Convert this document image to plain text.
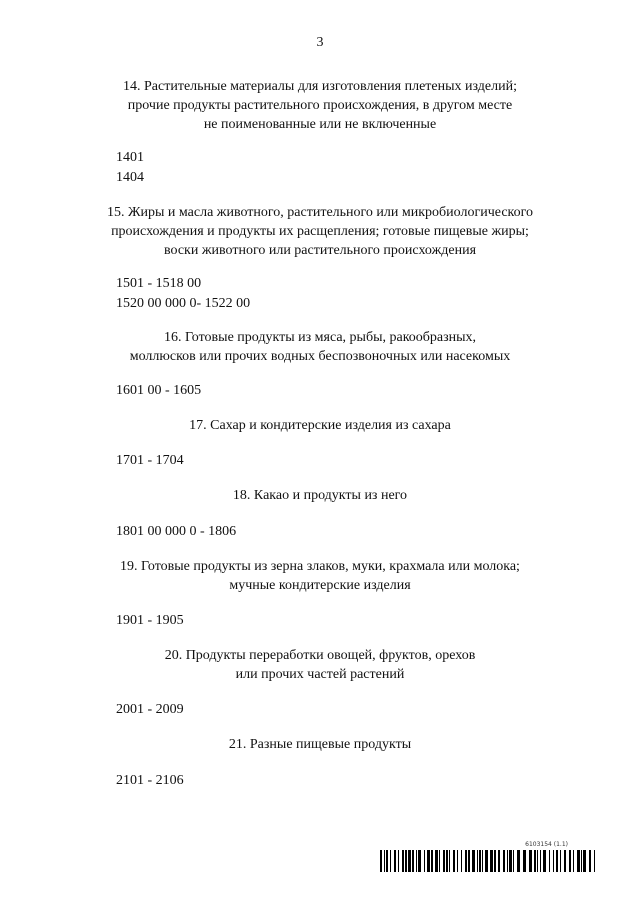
3
14. Растительные материалы для изготовления плетеных изделий;
прочие продукты растительного происхождения, в другом месте
не поименованные или не включенные
1401
1404
15. Жиры и масла животного, растительного или микробиологического
происхождения и продукты их расщепления; готовые пищевые жиры;
воски животного или растительного происхождения
1501 - 1518 00
1520 00 000 0- 1522 00
16. Готовые продукты из мяса, рыбы, ракообразных,
моллюсков или прочих водных беспозвоночных или насекомых
1601 00 - 1605
17. Сахар и кондитерские изделия из сахара
1701 - 1704
18. Какао и продукты из него
1801 00 000 0 - 1806
19. Готовые продукты из зерна злаков, муки, крахмала или молока;
мучные кондитерские изделия
1901 - 1905
20. Продукты переработки овощей, фруктов, орехов
или прочих частей растений
2001 - 2009
21. Разные пищевые продукты
2101 - 2106
6103154 (1.1)
